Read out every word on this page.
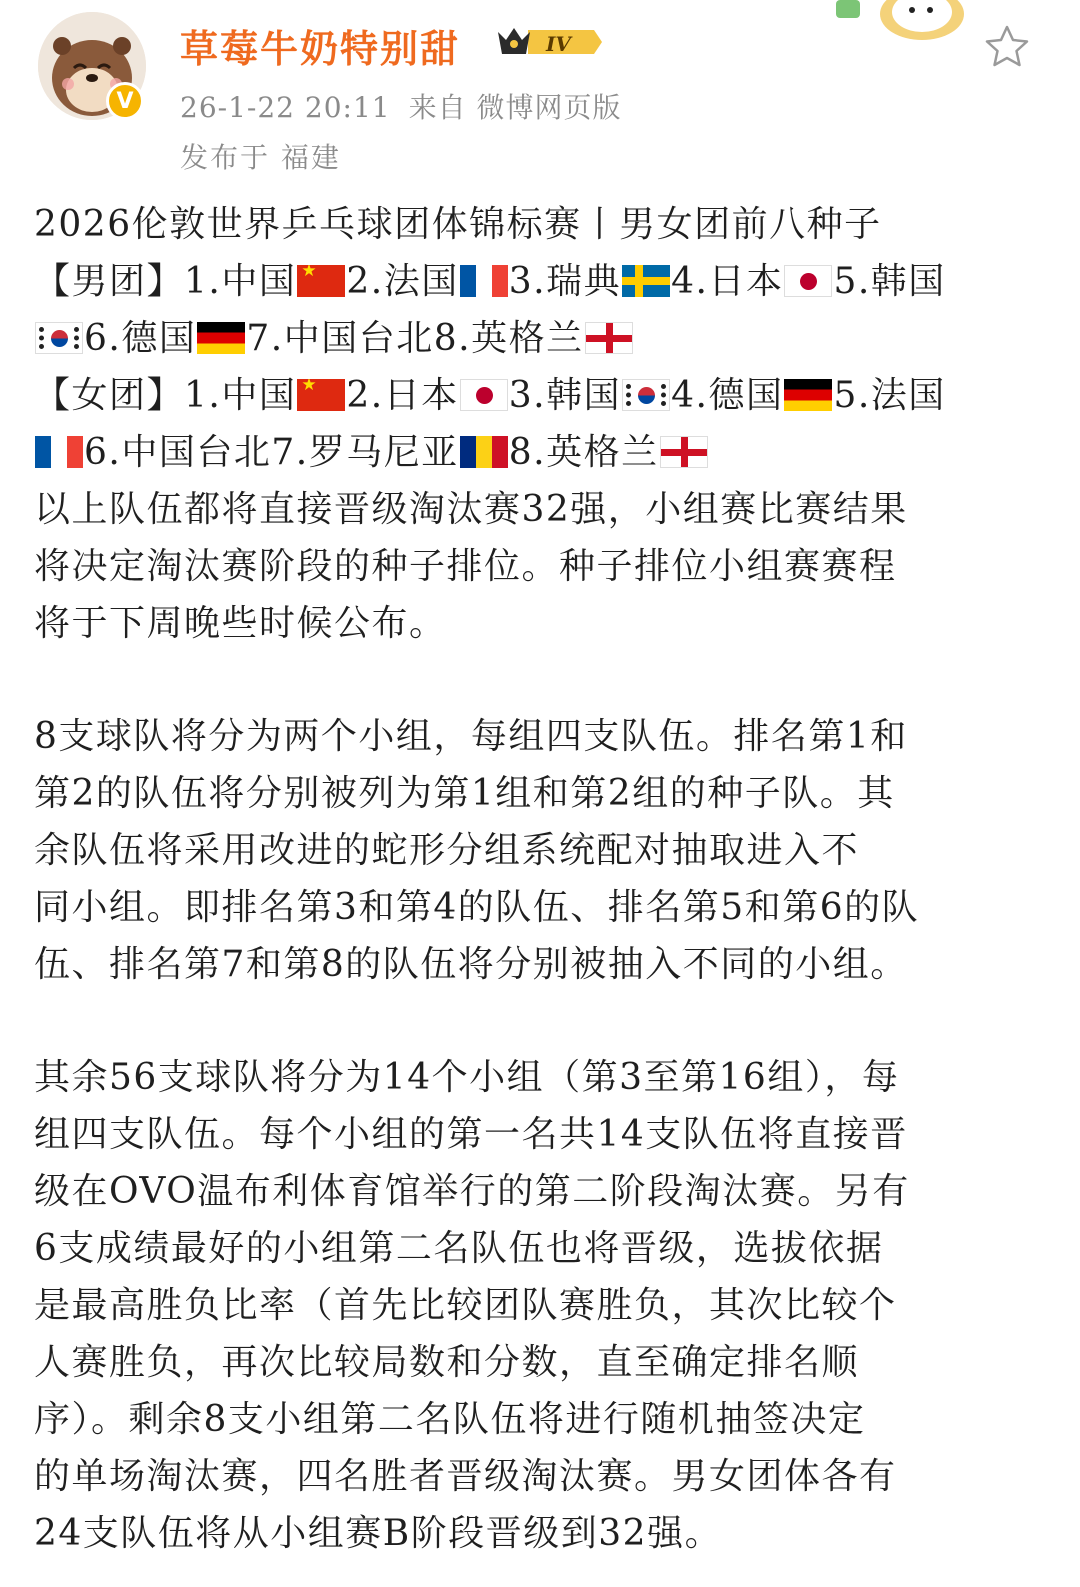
V
草莓牛奶特别甜	IV
26-1-22 20:11 来自 微博网页版
发布于 福建
2026伦敦世界乒乓球团体锦标赛丨男女团前八种子
【男团】1.中国 ★ 2.法国 3.瑞典 4.日本 5.韩国
6.德国 7.中国台北8.英格兰
【女团】1.中国 ★ 2.日本 3.韩国 4.德国 5.法国
6.中国台北7.罗马尼亚 8.英格兰
以上队伍都将直接晋级淘汰赛32强，小组赛比赛结果
将决定淘汰赛阶段的种子排位。种子排位小组赛赛程
将于下周晚些时候公布。
8支球队将分为两个小组，每组四支队伍。排名第1和
第2的队伍将分别被列为第1组和第2组的种子队。其
余队伍将采用改进的蛇形分组系统配对抽取进入不
同小组。即排名第3和第4的队伍、排名第5和第6的队
伍、排名第7和第8的队伍将分别被抽入不同的小组。
其余56支球队将分为14个小组（第3至第16组），每
组四支队伍。每个小组的第一名共14支队伍将直接晋
级在OVO温布利体育馆举行的第二阶段淘汰赛。另有
6支成绩最好的小组第二名队伍也将晋级，选拔依据
是最高胜负比率（首先比较团队赛胜负，其次比较个
人赛胜负，再次比较局数和分数，直至确定排名顺
序）。剩余8支小组第二名队伍将进行随机抽签决定
的单场淘汰赛，四名胜者晋级淘汰赛。男女团体各有
24支队伍将从小组赛B阶段晋级到32强。
